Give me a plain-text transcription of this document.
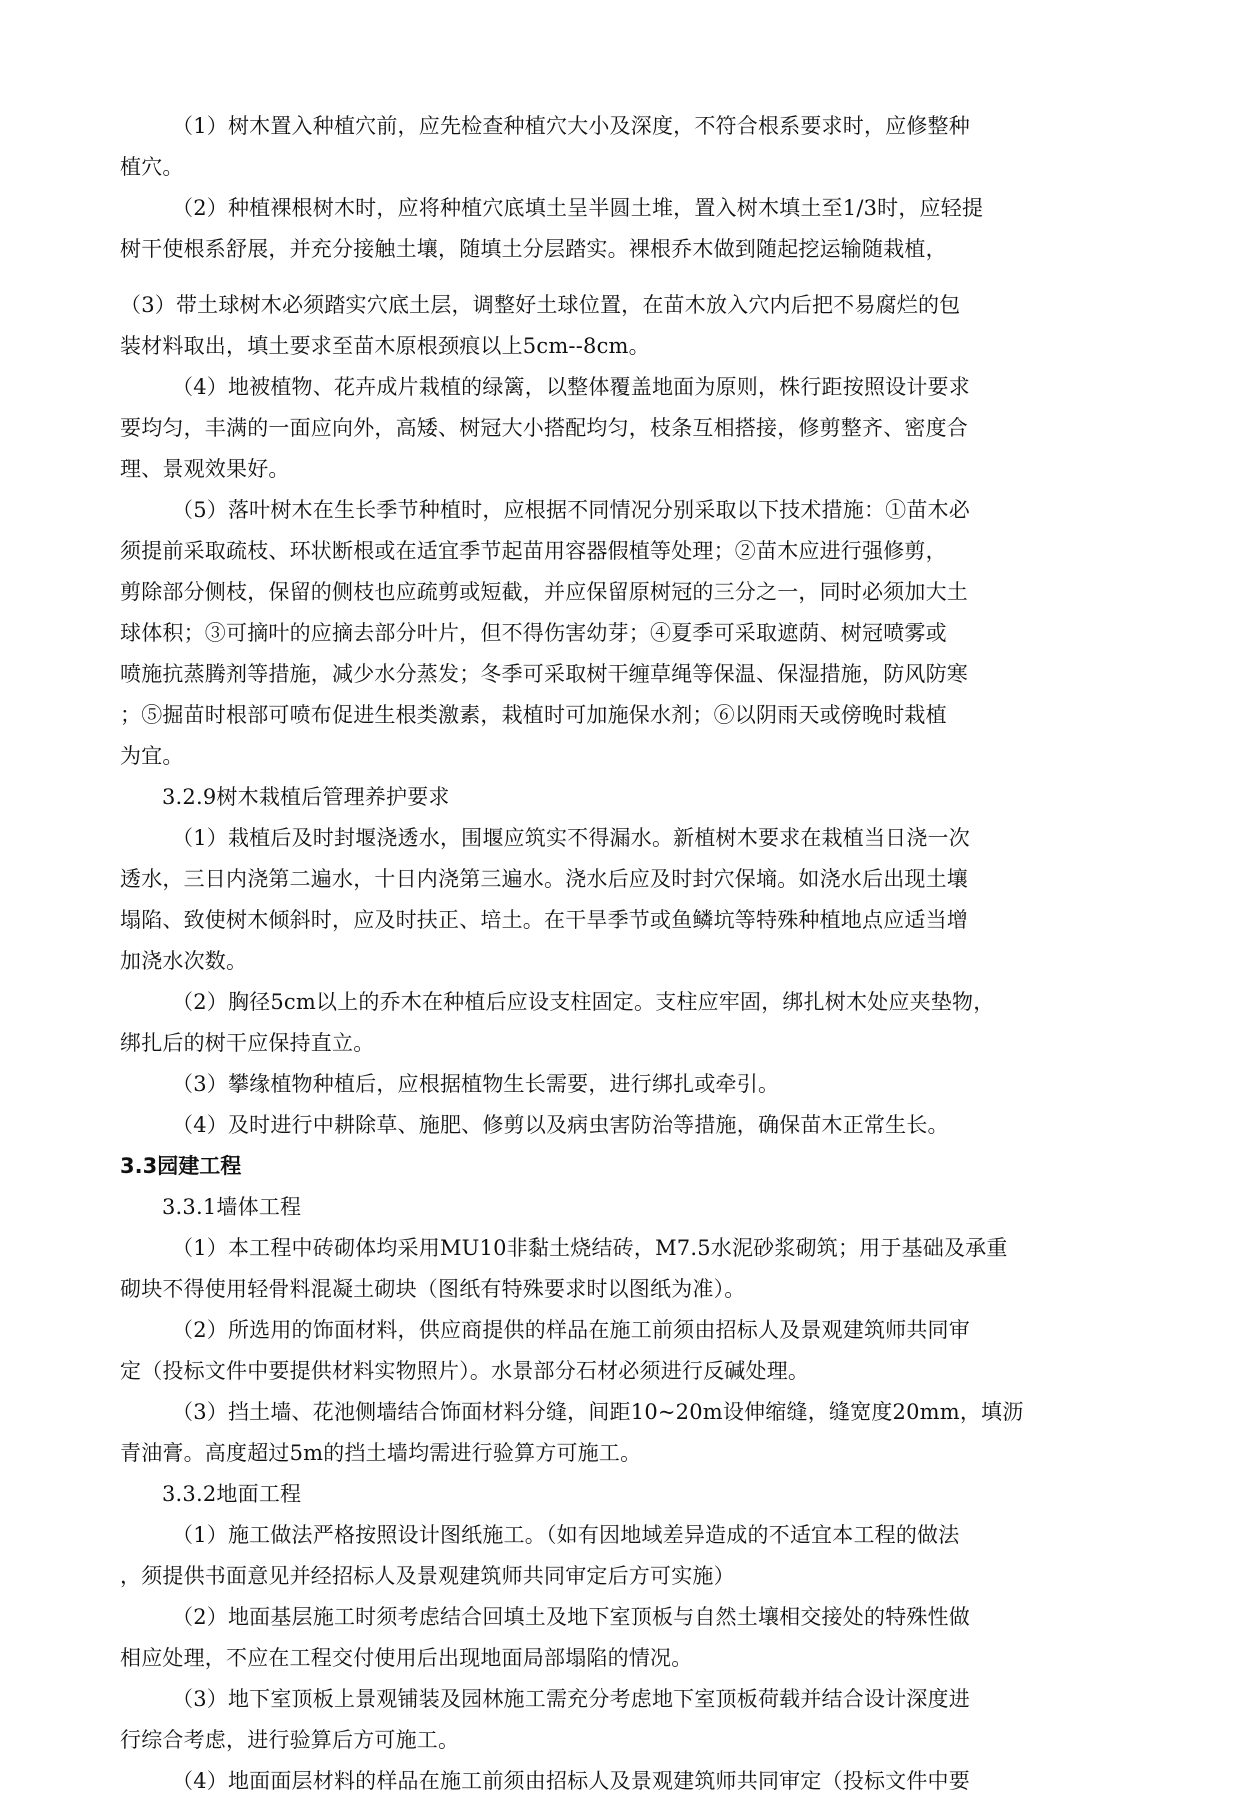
（1）树木置入种植穴前，应先检查种植穴大小及深度，不符合根系要求时，应修整种
植穴。
（2）种植裸根树木时，应将种植穴底填土呈半圆土堆，置入树木填土至1/3时，应轻提
树干使根系舒展，并充分接触土壤，随填土分层踏实。裸根乔木做到随起挖运输随栽植，
（3）带土球树木必须踏实穴底土层，调整好土球位置，在苗木放入穴内后把不易腐烂的包
装材料取出，填土要求至苗木原根颈痕以上5cm--8cm。
（4）地被植物、花卉成片栽植的绿篱，以整体覆盖地面为原则，株行距按照设计要求
要均匀，丰满的一面应向外，高矮、树冠大小搭配均匀，枝条互相搭接，修剪整齐、密度合
理、景观效果好。
（5）落叶树木在生长季节种植时，应根据不同情况分别采取以下技术措施：①苗木必
须提前采取疏枝、环状断根或在适宜季节起苗用容器假植等处理；②苗木应进行强修剪，
剪除部分侧枝，保留的侧枝也应疏剪或短截，并应保留原树冠的三分之一，同时必须加大土
球体积；③可摘叶的应摘去部分叶片，但不得伤害幼芽；④夏季可采取遮荫、树冠喷雾或
喷施抗蒸腾剂等措施，减少水分蒸发；冬季可采取树干缠草绳等保温、保湿措施，防风防寒
；⑤掘苗时根部可喷布促进生根类激素，栽植时可加施保水剂；⑥以阴雨天或傍晚时栽植
为宜。
3.2.9树木栽植后管理养护要求
（1）栽植后及时封堰浇透水，围堰应筑实不得漏水。新植树木要求在栽植当日浇一次
透水，三日内浇第二遍水，十日内浇第三遍水。浇水后应及时封穴保墒。如浇水后出现土壤
塌陷、致使树木倾斜时，应及时扶正、培土。在干旱季节或鱼鳞坑等特殊种植地点应适当增
加浇水次数。
（2）胸径5cm以上的乔木在种植后应设支柱固定。支柱应牢固，绑扎树木处应夹垫物，
绑扎后的树干应保持直立。
（3）攀缘植物种植后，应根据植物生长需要，进行绑扎或牵引。
（4）及时进行中耕除草、施肥、修剪以及病虫害防治等措施，确保苗木正常生长。
3.3园建工程
3.3.1墙体工程
（1）本工程中砖砌体均采用MU10非黏土烧结砖，M7.5水泥砂浆砌筑；用于基础及承重
砌块不得使用轻骨料混凝土砌块（图纸有特殊要求时以图纸为准）。
（2）所选用的饰面材料，供应商提供的样品在施工前须由招标人及景观建筑师共同审
定（投标文件中要提供材料实物照片）。水景部分石材必须进行反碱处理。
（3）挡土墙、花池侧墙结合饰面材料分缝，间距10~20m设伸缩缝，缝宽度20mm，填沥
青油膏。高度超过5m的挡土墙均需进行验算方可施工。
3.3.2地面工程
（1）施工做法严格按照设计图纸施工。（如有因地域差异造成的不适宜本工程的做法
，须提供书面意见并经招标人及景观建筑师共同审定后方可实施）
（2）地面基层施工时须考虑结合回填土及地下室顶板与自然土壤相交接处的特殊性做
相应处理，不应在工程交付使用后出现地面局部塌陷的情况。
（3）地下室顶板上景观铺装及园林施工需充分考虑地下室顶板荷载并结合设计深度进
行综合考虑，进行验算后方可施工。
（4）地面面层材料的样品在施工前须由招标人及景观建筑师共同审定（投标文件中要
